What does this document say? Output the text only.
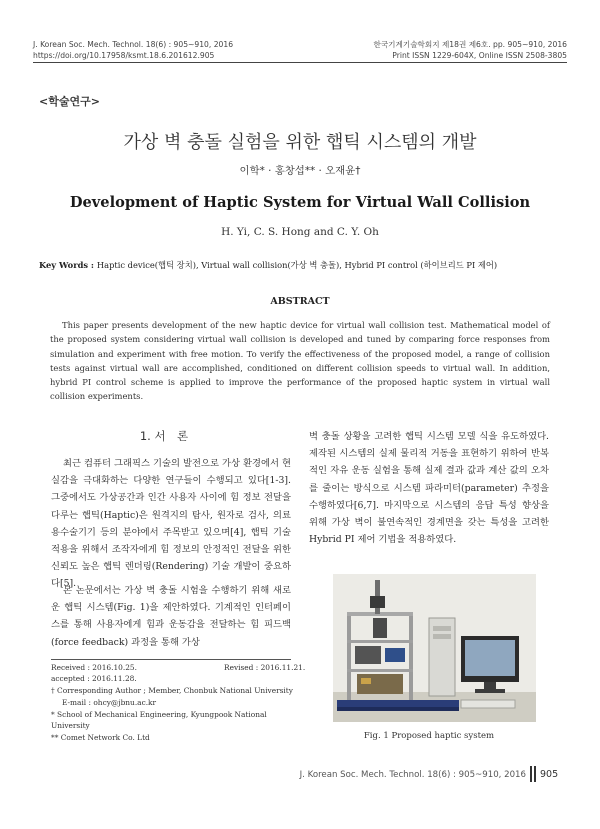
J. Korean Soc. Mech. Technol. 18(6) : 905~910, 2016
https://doi.org/10.17958/ksmt.18.6.201612.905
한국기계기술학회지 제18권 제6호. pp. 905~910, 2016
Print ISSN 1229-604X, Online ISSN 2508-3805
<학술연구>
가상 벽 충돌 실험을 위한 햅틱 시스템의 개발
이학* · 홍창섭** · 오재윤†
Development of Haptic System for Virtual Wall Collision
H. Yi, C. S. Hong and C. Y. Oh
Key Words : Haptic device(햅틱 장치), Virtual wall collision(가상 벽 충돌), Hybrid PI control (하이브리드 PI 제어)
ABSTRACT
This paper presents development of the new haptic device for virtual wall collision test. Mathematical model of the proposed system considering virtual wall collision is developed and tuned by comparing force responses from simulation and experiment with free motion. To verify the effectiveness of the proposed model, a range of collision tests against virtual wall are accomplished, conditioned on different collision speeds to virtual wall. In addition, hybrid PI control scheme is applied to improve the performance of the proposed haptic system in virtual wall collision experiments.
1. 서　론
최근 컴퓨터 그래픽스 기술의 발전으로 가상 환경에서 현실감을 극대화하는 다양한 연구들이 수행되고 있다[1-3]. 그중에서도 가상공간과 인간 사용자 사이에 힘 정보 전달을 다루는 햅틱(Haptic)은 원격지의 탐사, 원자로 검사, 의료용수술기기 등의 분야에서 주목받고 있으며[4], 햅틱 기술 적용을 위해서 조작자에게 힘 정보의 안정적인 전달을 위한 신뢰도 높은 햅틱 렌더링(Rendering) 기술 개발이 중요하다[5].
본 논문에서는 가상 벽 충돌 시험을 수행하기 위해 새로운 햅틱 시스템(Fig. 1)을 제안하였다. 기계적인 인터페이스를 통해 사용자에게 힘과 운동감을 전달하는 힘 피드백(force feedback) 과정을 통해 가상
Received : 2016.10.25.	Revised : 2016.11.21.
accepted : 2016.11.28.
† Corresponding Author ; Member, Chonbuk National University
E-mail : ohcy@jbnu.ac.kr
* School of Mechanical Engineering, Kyungpook National University
** Comet Network Co. Ltd
벽 충돌 상황을 고려한 햅틱 시스템 모델 식을 유도하였다. 제작된 시스템의 실제 물리적 거동을 표현하기 위하여 반복적인 자유 운동 실험을 통해 실제 결과 값과 계산 값의 오차를 줄이는 방식으로 시스템 파라미터(parameter) 추정을 수행하였다[6,7]. 마지막으로 시스템의 응답 특성 향상을 위해 가상 벽이 불연속적인 경계면을 갖는 특성을 고려한 Hybrid PI 제어 기법을 적용하였다.
Fig. 1 Proposed haptic system
J. Korean Soc. Mech. Technol. 18(6) : 905~910, 2016 905
